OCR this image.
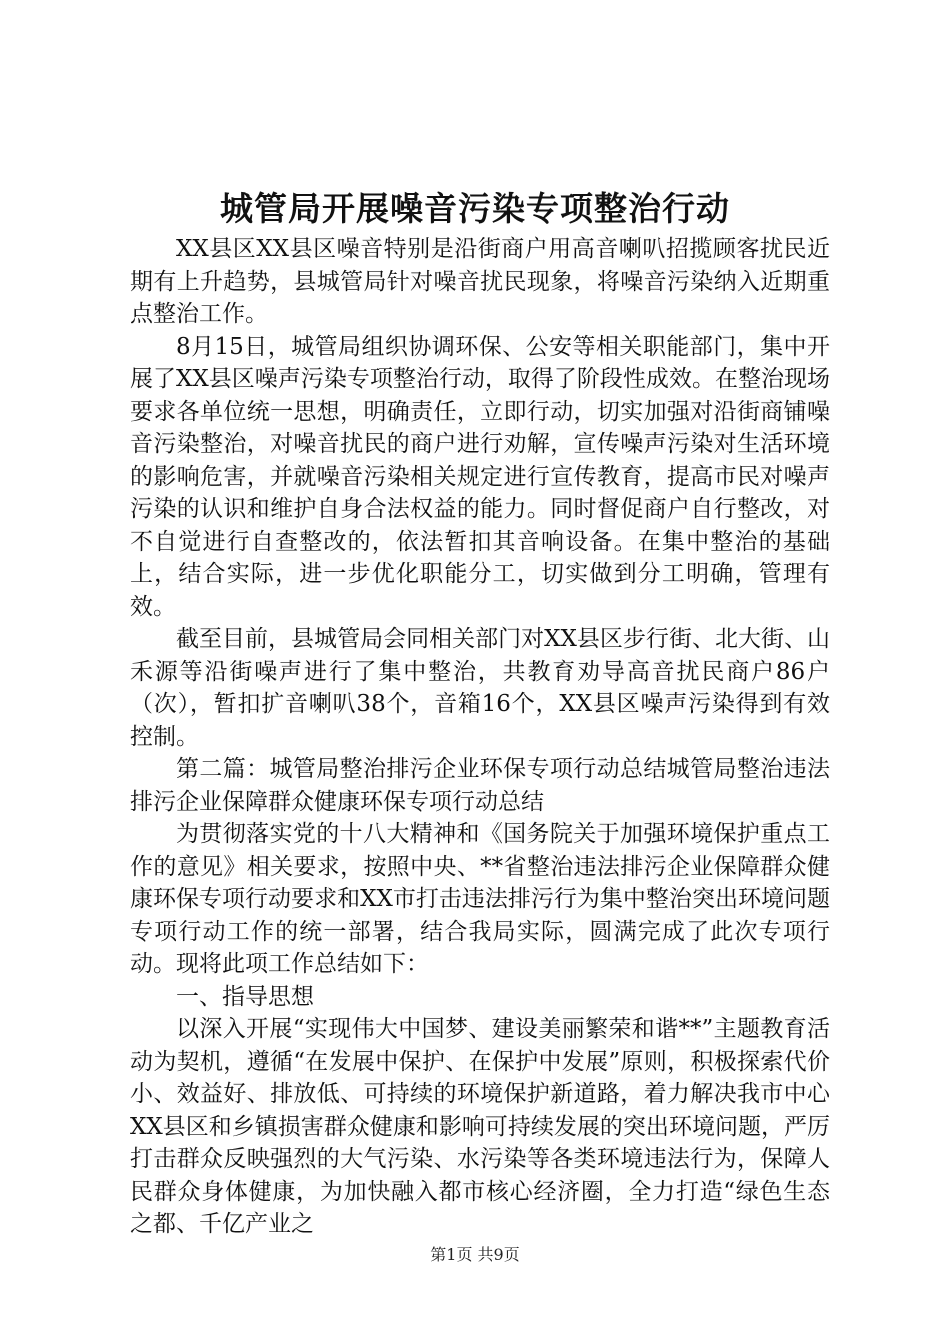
城管局开展噪音污染专项整治行动

XX县区XX县区噪音特别是沿街商户用高音喇叭招揽顾客扰民近期有上升趋势，县城管局针对噪音扰民现象，将噪音污染纳入近期重点整治工作。

8月15日，城管局组织协调环保、公安等相关职能部门，集中开展了XX县区噪声污染专项整治行动，取得了阶段性成效。在整治现场要求各单位统一思想，明确责任，立即行动，切实加强对沿街商铺噪音污染整治，对噪音扰民的商户进行劝解，宣传噪声污染对生活环境的影响危害，并就噪音污染相关规定进行宣传教育，提高市民对噪声污染的认识和维护自身合法权益的能力。同时督促商户自行整改，对不自觉进行自查整改的，依法暂扣其音响设备。在集中整治的基础上，结合实际，进一步优化职能分工，切实做到分工明确，管理有效。

截至目前，县城管局会同相关部门对XX县区步行街、北大街、山禾源等沿街噪声进行了集中整治，共教育劝导高音扰民商户86户（次），暂扣扩音喇叭38个，音箱16个，XX县区噪声污染得到有效控制。

第二篇：城管局整治排污企业环保专项行动总结城管局整治违法排污企业保障群众健康环保专项行动总结

为贯彻落实党的十八大精神和《国务院关于加强环境保护重点工作的意见》相关要求，按照中央、**省整治违法排污企业保障群众健康环保专项行动要求和XX市打击违法排污行为集中整治突出环境问题专项行动工作的统一部署，结合我局实际，圆满完成了此次专项行动。现将此项工作总结如下：

一、指导思想

以深入开展“实现伟大中国梦、建设美丽繁荣和谐**”主题教育活动为契机，遵循“在发展中保护、在保护中发展”原则，积极探索代价小、效益好、排放低、可持续的环境保护新道路，着力解决我市中心XX县区和乡镇损害群众健康和影响可持续发展的突出环境问题，严厉打击群众反映强烈的大气污染、水污染等各类环境违法行为，保障人民群众身体健康，为加快融入都市核心经济圈，全力打造“绿色生态之都、千亿产业之

第1页 共9页
